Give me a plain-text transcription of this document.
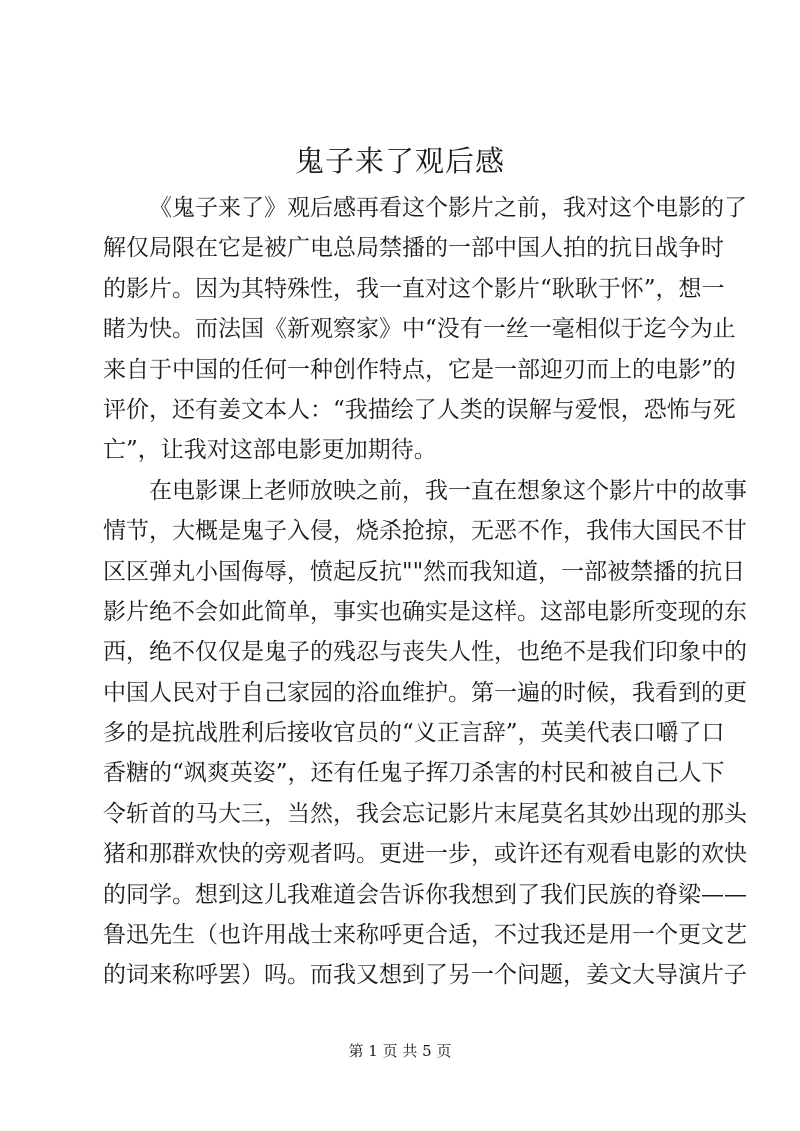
鬼子来了观后感
《鬼子来了》观后感再看这个影片之前，我对这个电影的了
解仅局限在它是被广电总局禁播的一部中国人拍的抗日战争时
的影片。因为其特殊性，我一直对这个影片“耿耿于怀”，想一
睹为快。而法国《新观察家》中“没有一丝一毫相似于迄今为止
来自于中国的任何一种创作特点，它是一部迎刃而上的电影”的
评价，还有姜文本人：“我描绘了人类的误解与爱恨，恐怖与死
亡”，让我对这部电影更加期待。
在电影课上老师放映之前，我一直在想象这个影片中的故事
情节，大概是鬼子入侵，烧杀抢掠，无恶不作，我伟大国民不甘
区区弹丸小国侮辱，愤起反抗""然而我知道，一部被禁播的抗日
影片绝不会如此简单，事实也确实是这样。这部电影所变现的东
西，绝不仅仅是鬼子的残忍与丧失人性，也绝不是我们印象中的
中国人民对于自己家园的浴血维护。第一遍的时候，我看到的更
多的是抗战胜利后接收官员的“义正言辞”，英美代表口嚼了口
香糖的“飒爽英姿”，还有任鬼子挥刀杀害的村民和被自己人下
令斩首的马大三，当然，我会忘记影片末尾莫名其妙出现的那头
猪和那群欢快的旁观者吗。更进一步，或许还有观看电影的欢快
的同学。想到这儿我难道会告诉你我想到了我们民族的脊梁——
鲁迅先生（也许用战士来称呼更合适，不过我还是用一个更文艺
的词来称呼罢）吗。而我又想到了另一个问题，姜文大导演片子
第 1 页 共 5 页
